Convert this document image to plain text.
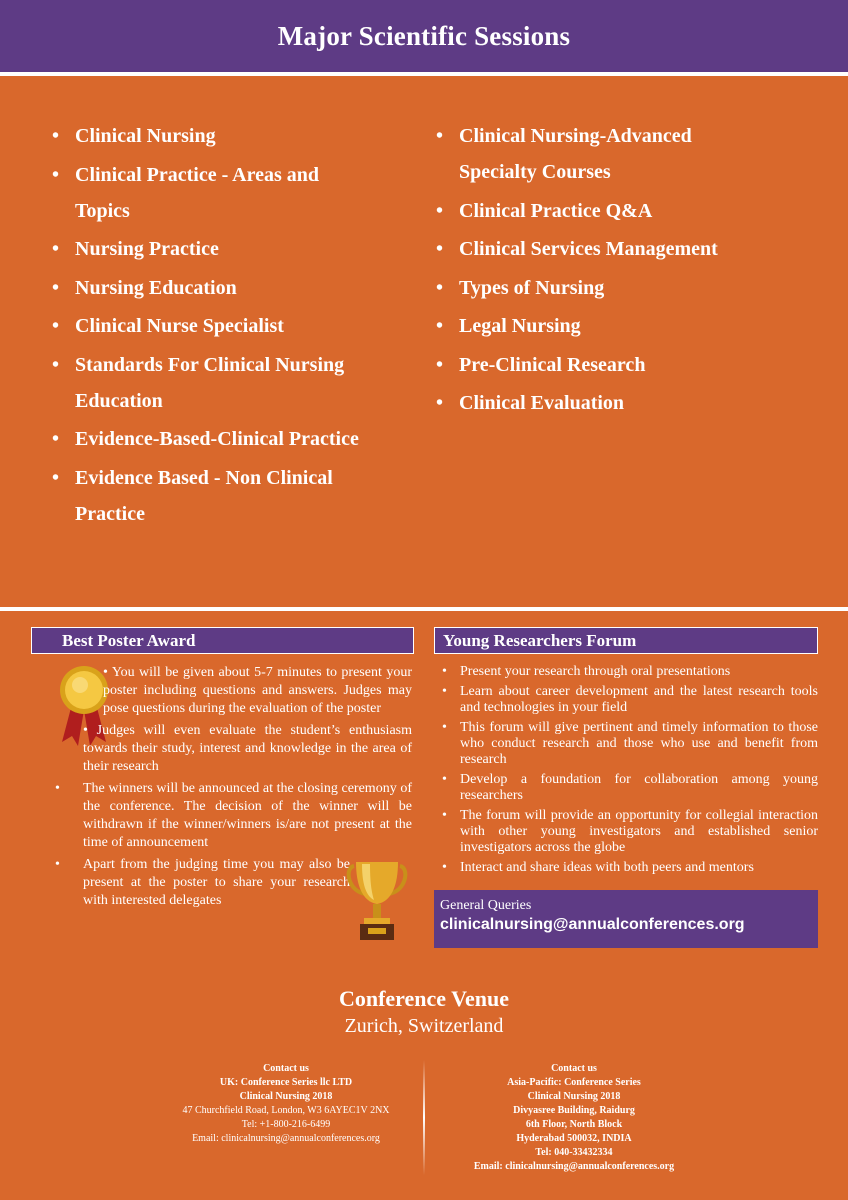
Major Scientific Sessions
• Clinical Nursing
• Clinical Practice - Areas and
Topics
• Nursing Practice
• Nursing Education
• Clinical Nurse Specialist
• Standards For Clinical Nursing
Education
• Evidence-Based-Clinical Practice
• Evidence Based - Non Clinical
Practice
• Clinical Nursing-Advanced
Specialty Courses
• Clinical Practice Q&A
• Clinical Services Management
• Types of Nursing
• Legal Nursing
• Pre-Clinical Research
• Clinical Evaluation
Best Poster Award	Young Researchers Forum

• You will be given about 5-7 minutes to present your poster including questions and answers. Judges may pose questions during the evaluation of the poster

• Judges will even evaluate the student’s enthusiasm towards their study, interest and knowledge in the area of their research

• The winners will be announced at the closing ceremony of the conference. The decision of the winner will be withdrawn if the winner/winners is/are not present at the time of announcement

• Apart from the judging time you may also be present at the poster to share your research with interested delegates

• Present your research through oral presentations
• Learn about career development and the latest research tools and technologies in your field
• This forum will give pertinent and timely information to those who conduct research and those who use and benefit from research
• Develop a foundation for collaboration among young researchers
• The forum will provide an opportunity for collegial interaction with other young investigators and established senior investigators across the globe
• Interact and share ideas with both peers and mentors
General Queries
clinicalnursing@annualconferences.org
Conference Venue
Zurich, Switzerland
Contact us
UK: Conference Series llc LTD
Clinical Nursing 2018
47 Churchfield Road, London, W3 6AYEC1V 2NX
Tel: +1-800-216-6499
Email: clinicalnursing@annualconferences.org
Contact us
Asia-Pacific: Conference Series
Clinical Nursing 2018
Divyasree Building, Raidurg
6th Floor, North Block
Hyderabad 500032, INDIA
Tel: 040-33432334
Email: clinicalnursing@annualconferences.org
